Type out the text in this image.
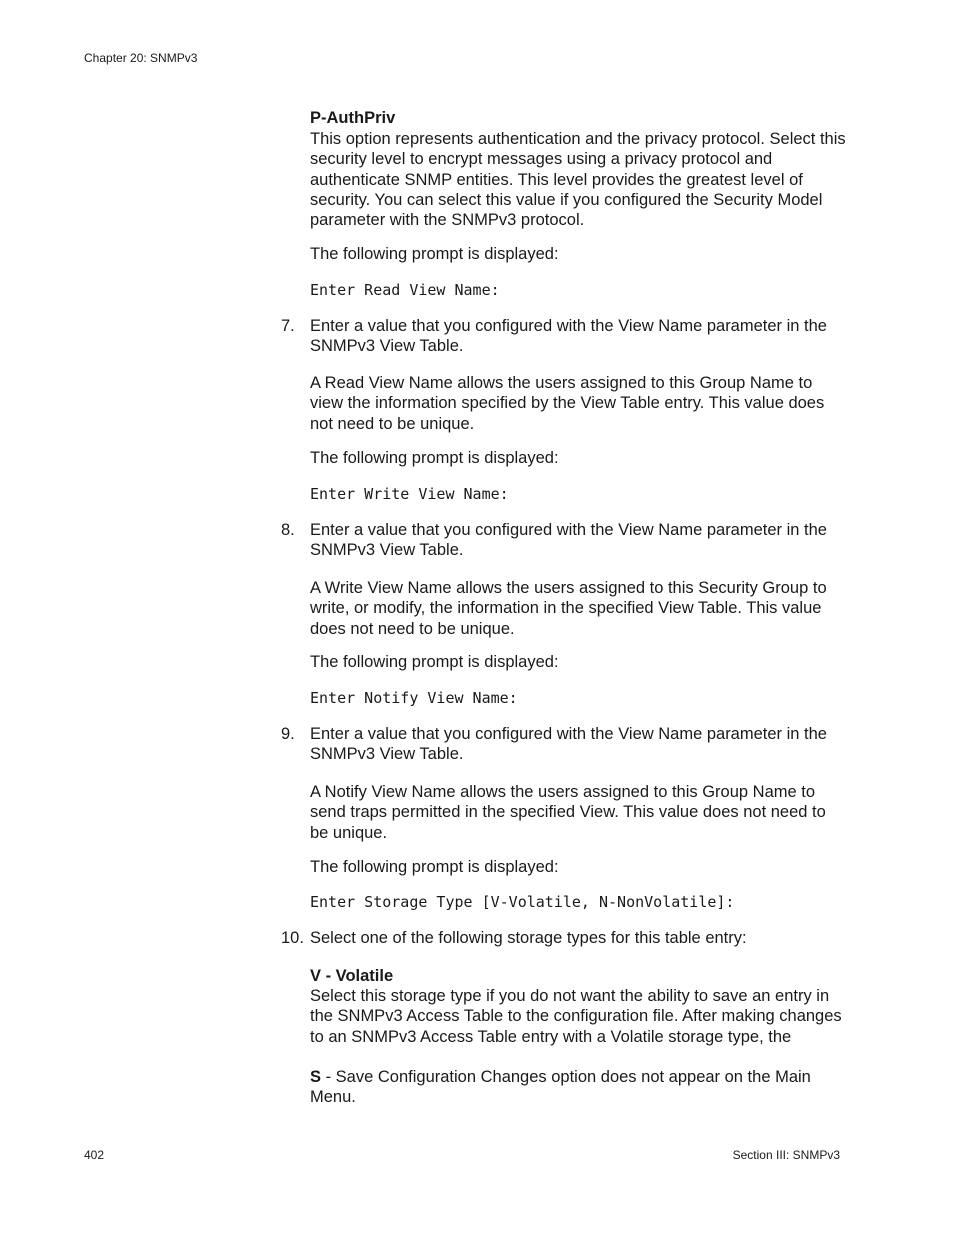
Chapter 20: SNMPv3
P-AuthPriv
This option represents authentication and the privacy protocol. Select this security level to encrypt messages using a privacy protocol and authenticate SNMP entities. This level provides the greatest level of security. You can select this value if you configured the Security Model parameter with the SNMPv3 protocol.
The following prompt is displayed:
Enter Read View Name:
7. Enter a value that you configured with the View Name parameter in the SNMPv3 View Table.
A Read View Name allows the users assigned to this Group Name to view the information specified by the View Table entry. This value does not need to be unique.
The following prompt is displayed:
Enter Write View Name:
8. Enter a value that you configured with the View Name parameter in the SNMPv3 View Table.
A Write View Name allows the users assigned to this Security Group to write, or modify, the information in the specified View Table. This value does not need to be unique.
The following prompt is displayed:
Enter Notify View Name:
9. Enter a value that you configured with the View Name parameter in the SNMPv3 View Table.
A Notify View Name allows the users assigned to this Group Name to send traps permitted in the specified View. This value does not need to be unique.
The following prompt is displayed:
Enter Storage Type [V-Volatile, N-NonVolatile]:
10. Select one of the following storage types for this table entry:
V - Volatile
Select this storage type if you do not want the ability to save an entry in the SNMPv3 Access Table to the configuration file. After making changes to an SNMPv3 Access Table entry with a Volatile storage type, the
S - Save Configuration Changes option does not appear on the Main Menu.
402	Section III: SNMPv3
